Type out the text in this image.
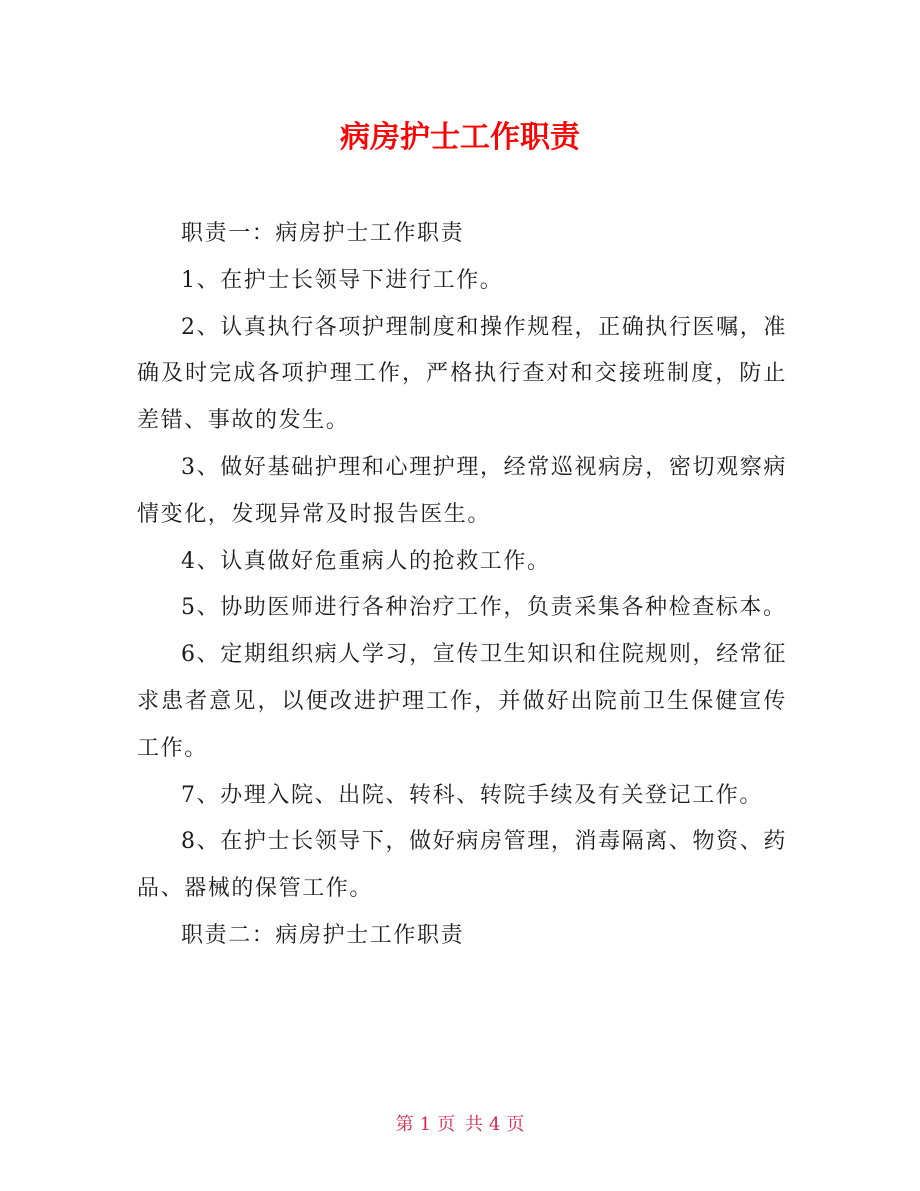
病房护士工作职责

职责一：病房护士工作职责

1、在护士长领导下进行工作。

2、认真执行各项护理制度和操作规程，正确执行医嘱，准确及时完成各项护理工作，严格执行查对和交接班制度，防止差错、事故的发生。

3、做好基础护理和心理护理，经常巡视病房，密切观察病情变化，发现异常及时报告医生。

4、认真做好危重病人的抢救工作。

5、协助医师进行各种治疗工作，负责采集各种检查标本。

6、定期组织病人学习，宣传卫生知识和住院规则，经常征求患者意见，以便改进护理工作，并做好出院前卫生保健宣传工作。

7、办理入院、出院、转科、转院手续及有关登记工作。

8、在护士长领导下，做好病房管理，消毒隔离、物资、药品、器械的保管工作。

职责二：病房护士工作职责

第 1 页 共 4 页
